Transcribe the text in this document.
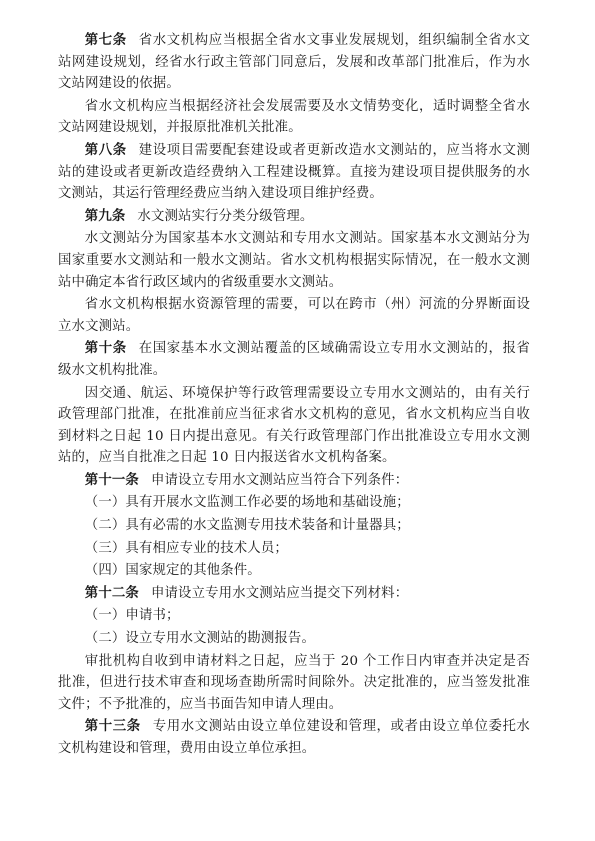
第七条 省水文机构应当根据全省水文事业发展规划，组织编制全省水文站网建设规划，经省水行政主管部门同意后，发展和改革部门批准后，作为水文站网建设的依据。

省水文机构应当根据经济社会发展需要及水文情势变化，适时调整全省水文站网建设规划，并报原批准机关批准。

第八条 建设项目需要配套建设或者更新改造水文测站的，应当将水文测站的建设或者更新改造经费纳入工程建设概算。直接为建设项目提供服务的水文测站，其运行管理经费应当纳入建设项目维护经费。

第九条 水文测站实行分类分级管理。

水文测站分为国家基本水文测站和专用水文测站。国家基本水文测站分为国家重要水文测站和一般水文测站。省水文机构根据实际情况，在一般水文测站中确定本省行政区域内的省级重要水文测站。

省水文机构根据水资源管理的需要，可以在跨市（州）河流的分界断面设立水文测站。

第十条 在国家基本水文测站覆盖的区域确需设立专用水文测站的，报省级水文机构批准。

因交通、航运、环境保护等行政管理需要设立专用水文测站的，由有关行政管理部门批准，在批准前应当征求省水文机构的意见，省水文机构应当自收到材料之日起 10 日内提出意见。有关行政管理部门作出批准设立专用水文测站的，应当自批准之日起 10 日内报送省水文机构备案。

第十一条 申请设立专用水文测站应当符合下列条件：

（一）具有开展水文监测工作必要的场地和基础设施；

（二）具有必需的水文监测专用技术装备和计量器具；

（三）具有相应专业的技术人员；

（四）国家规定的其他条件。

第十二条 申请设立专用水文测站应当提交下列材料：

（一）申请书；

（二）设立专用水文测站的勘测报告。

审批机构自收到申请材料之日起，应当于 20 个工作日内审查并决定是否批准，但进行技术审查和现场查勘所需时间除外。决定批准的，应当签发批准文件；不予批准的，应当书面告知申请人理由。

第十三条 专用水文测站由设立单位建设和管理，或者由设立单位委托水文机构建设和管理，费用由设立单位承担。
